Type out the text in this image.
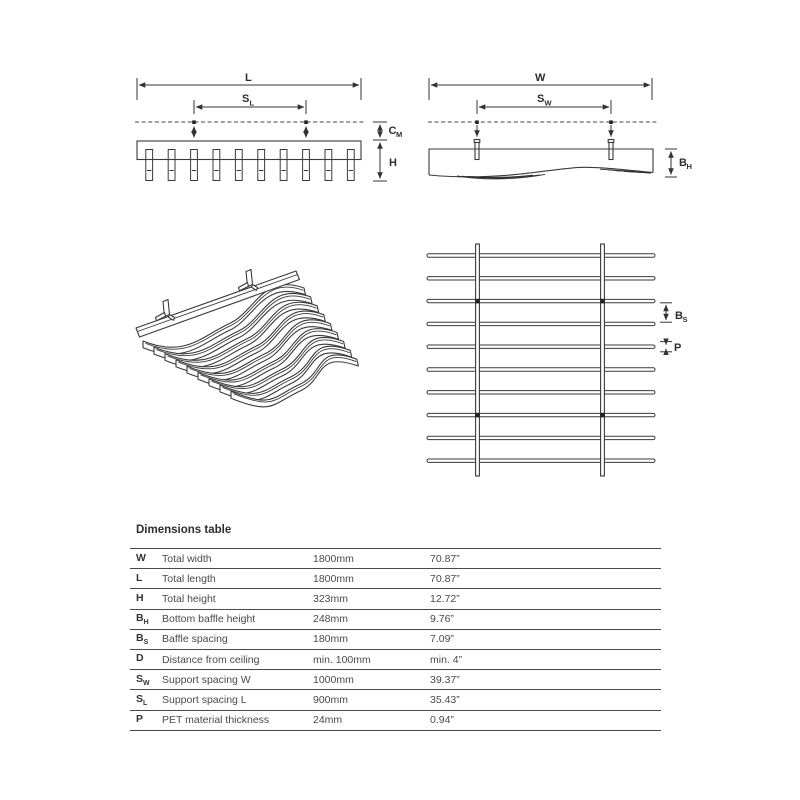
L
S L
C M
H
W
S W
B H
B S
P
Dimensions table
W	Total width	1800mm	70.87”
L	Total length	1800mm	70.87”
H	Total height	323mm	12.72”
$B_H$	Bottom baffle height	248mm	9.76”
$B_S$	Baffle spacing	180mm	7.09”
D	Distance from ceiling	min. 100mm	min. 4”
$S_W$	Support spacing W	1000mm	39.37”
$S_L$	Support spacing L	900mm	35.43”
P	PET material thickness	24mm	0.94”
